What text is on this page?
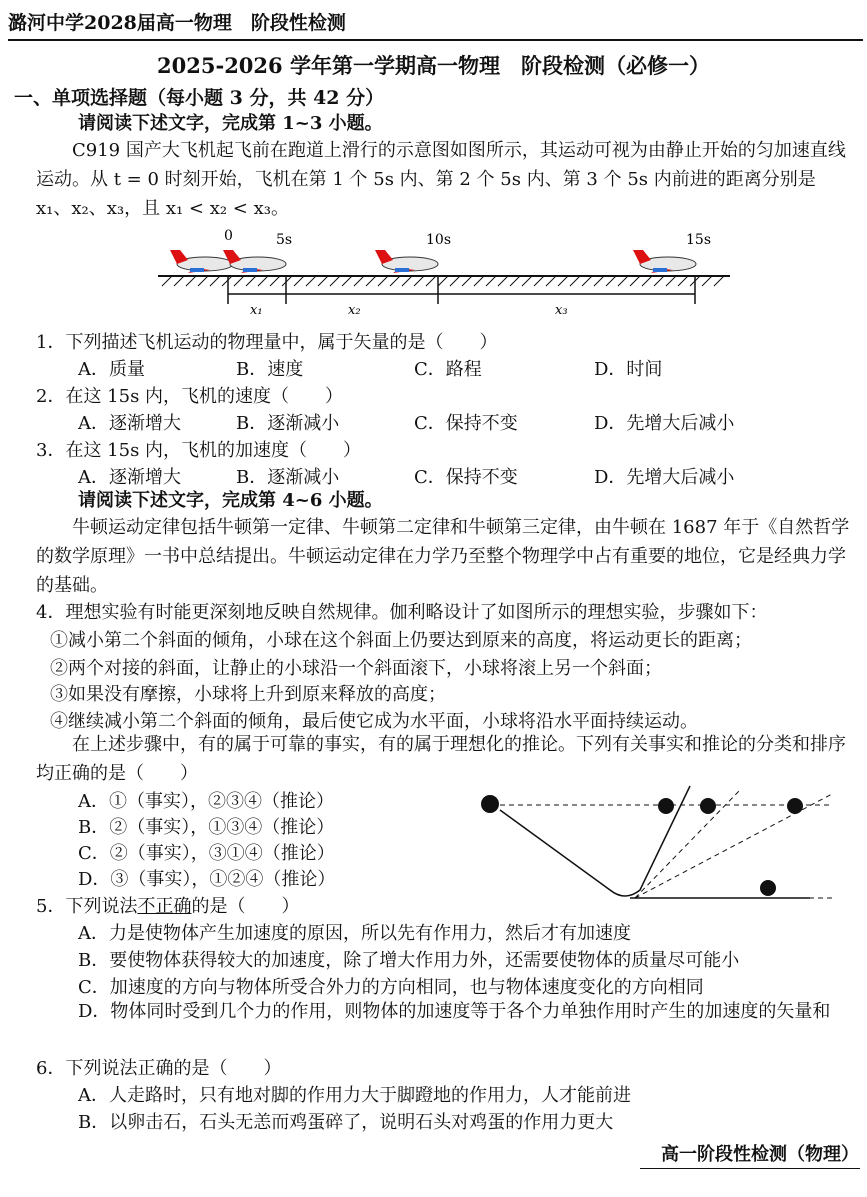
潞河中学2028届高一物理　阶段性检测
2025-2026 学年第一学期高一物理　阶段检测（必修一）
一、单项选择题（每小题 3 分，共 42 分）
请阅读下述文字，完成第 1~3 小题。
C919 国产大飞机起飞前在跑道上滑行的示意图如图所示，其运动可视为由静止开始的匀加速直线运动。从 t = 0 时刻开始，飞机在第 1 个 5s 内、第 2 个 5s 内、第 3 个 5s 内前进的距离分别是 x₁、x₂、x₃，且 x₁ < x₂ < x₃。
0	5s	10s	15s
x₁	x₂	x₃
1．下列描述飞机运动的物理量中，属于矢量的是（　　）
A．质量	B．速度	C．路程	D．时间
2．在这 15s 内，飞机的速度（　　）
A．逐渐增大	B．逐渐减小	C．保持不变	D．先增大后减小
3．在这 15s 内，飞机的加速度（　　）
A．逐渐增大	B．逐渐减小	C．保持不变	D．先增大后减小
请阅读下述文字，完成第 4~6 小题。
牛顿运动定律包括牛顿第一定律、牛顿第二定律和牛顿第三定律，由牛顿在 1687 年于《自然哲学的数学原理》一书中总结提出。牛顿运动定律在力学乃至整个物理学中占有重要的地位，它是经典力学的基础。
4．理想实验有时能更深刻地反映自然规律。伽利略设计了如图所示的理想实验，步骤如下：
①减小第二个斜面的倾角，小球在这个斜面上仍要达到原来的高度，将运动更长的距离；
②两个对接的斜面，让静止的小球沿一个斜面滚下，小球将滚上另一个斜面；
③如果没有摩擦，小球将上升到原来释放的高度；
④继续减小第二个斜面的倾角，最后使它成为水平面，小球将沿水平面持续运动。
在上述步骤中，有的属于可靠的事实，有的属于理想化的推论。下列有关事实和推论的分类和排序均正确的是（　　）
A．①（事实），②③④（推论）
B．②（事实），①③④（推论）
C．②（事实），③①④（推论）
D．③（事实），①②④（推论）
5．下列说法不正确的是（　　）
A．力是使物体产生加速度的原因，所以先有作用力，然后才有加速度
B．要使物体获得较大的加速度，除了增大作用力外，还需要使物体的质量尽可能小
C．加速度的方向与物体所受合外力的方向相同，也与物体速度变化的方向相同
D．物体同时受到几个力的作用，则物体的加速度等于各个力单独作用时产生的加速度的矢量和
6．下列说法正确的是（　　）
A．人走路时，只有地对脚的作用力大于脚蹬地的作用力，人才能前进
B．以卵击石，石头无恙而鸡蛋碎了，说明石头对鸡蛋的作用力更大
高一阶段性检测（物理）
